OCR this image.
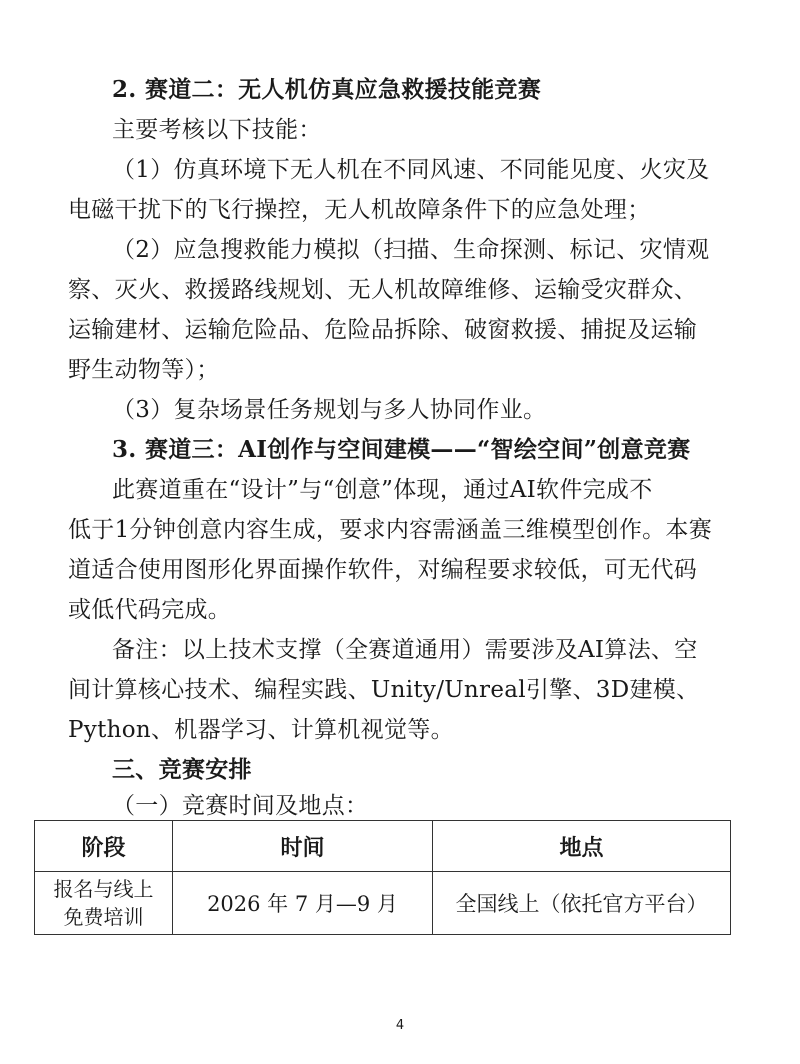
2. 赛道二：无人机仿真应急救援技能竞赛
主要考核以下技能：
（1）仿真环境下无人机在不同风速、不同能见度、火灾及
电磁干扰下的飞行操控，无人机故障条件下的应急处理；
（2）应急搜救能力模拟（扫描、生命探测、标记、灾情观
察、灭火、救援路线规划、无人机故障维修、运输受灾群众、
运输建材、运输危险品、危险品拆除、破窗救援、捕捉及运输
野生动物等）；
（3）复杂场景任务规划与多人协同作业。
3. 赛道三：AI创作与空间建模——“智绘空间”创意竞赛
此赛道重在“设计”与“创意”体现，通过AI软件完成不
低于1分钟创意内容生成，要求内容需涵盖三维模型创作。本赛
道适合使用图形化界面操作软件，对编程要求较低，可无代码
或低代码完成。
备注：以上技术支撑（全赛道通用）需要涉及AI算法、空
间计算核心技术、编程实践、Unity/Unreal引擎、3D建模、
Python、机器学习、计算机视觉等。
三、竞赛安排
（一）竞赛时间及地点：
阶段	时间	地点

报名与线上
免费培训	2026 年 7 月—9 月	全国线上（依托官方平台）
4
